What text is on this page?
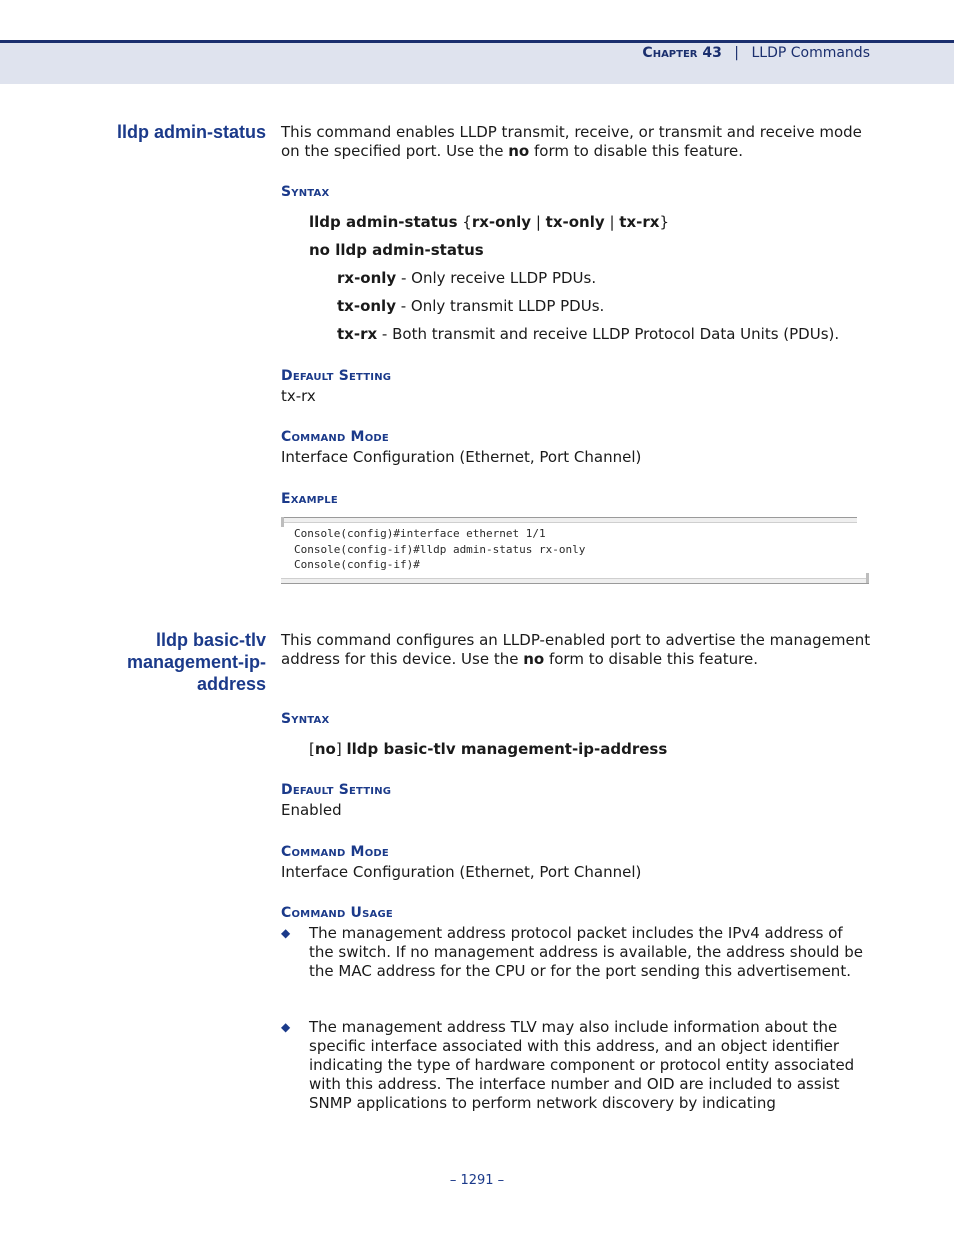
Chapter 43 | LLDP Commands
lldp admin-status This command enables LLDP transmit, receive, or transmit and receive mode on the specified port. Use the no form to disable this feature.
Syntax
lldp admin-status {rx-only | tx-only | tx-rx}
no lldp admin-status
rx-only - Only receive LLDP PDUs.
tx-only - Only transmit LLDP PDUs.
tx-rx - Both transmit and receive LLDP Protocol Data Units (PDUs).
Default Setting
tx-rx
Command Mode
Interface Configuration (Ethernet, Port Channel)
Example
Console(config)#interface ethernet 1/1
Console(config-if)#lldp admin-status rx-only
Console(config-if)#
lldp basic-tlv
management-ip-
address
This command configures an LLDP-enabled port to advertise the management address for this device. Use the no form to disable this feature.
Syntax
[no] lldp basic-tlv management-ip-address
Default Setting
Enabled
Command Mode
Interface Configuration (Ethernet, Port Channel)
Command Usage
◆ The management address protocol packet includes the IPv4 address of the switch. If no management address is available, the address should be the MAC address for the CPU or for the port sending this advertisement.
◆ The management address TLV may also include information about the specific interface associated with this address, and an object identifier indicating the type of hardware component or protocol entity associated with this address. The interface number and OID are included to assist SNMP applications to perform network discovery by indicating
– 1291 –
